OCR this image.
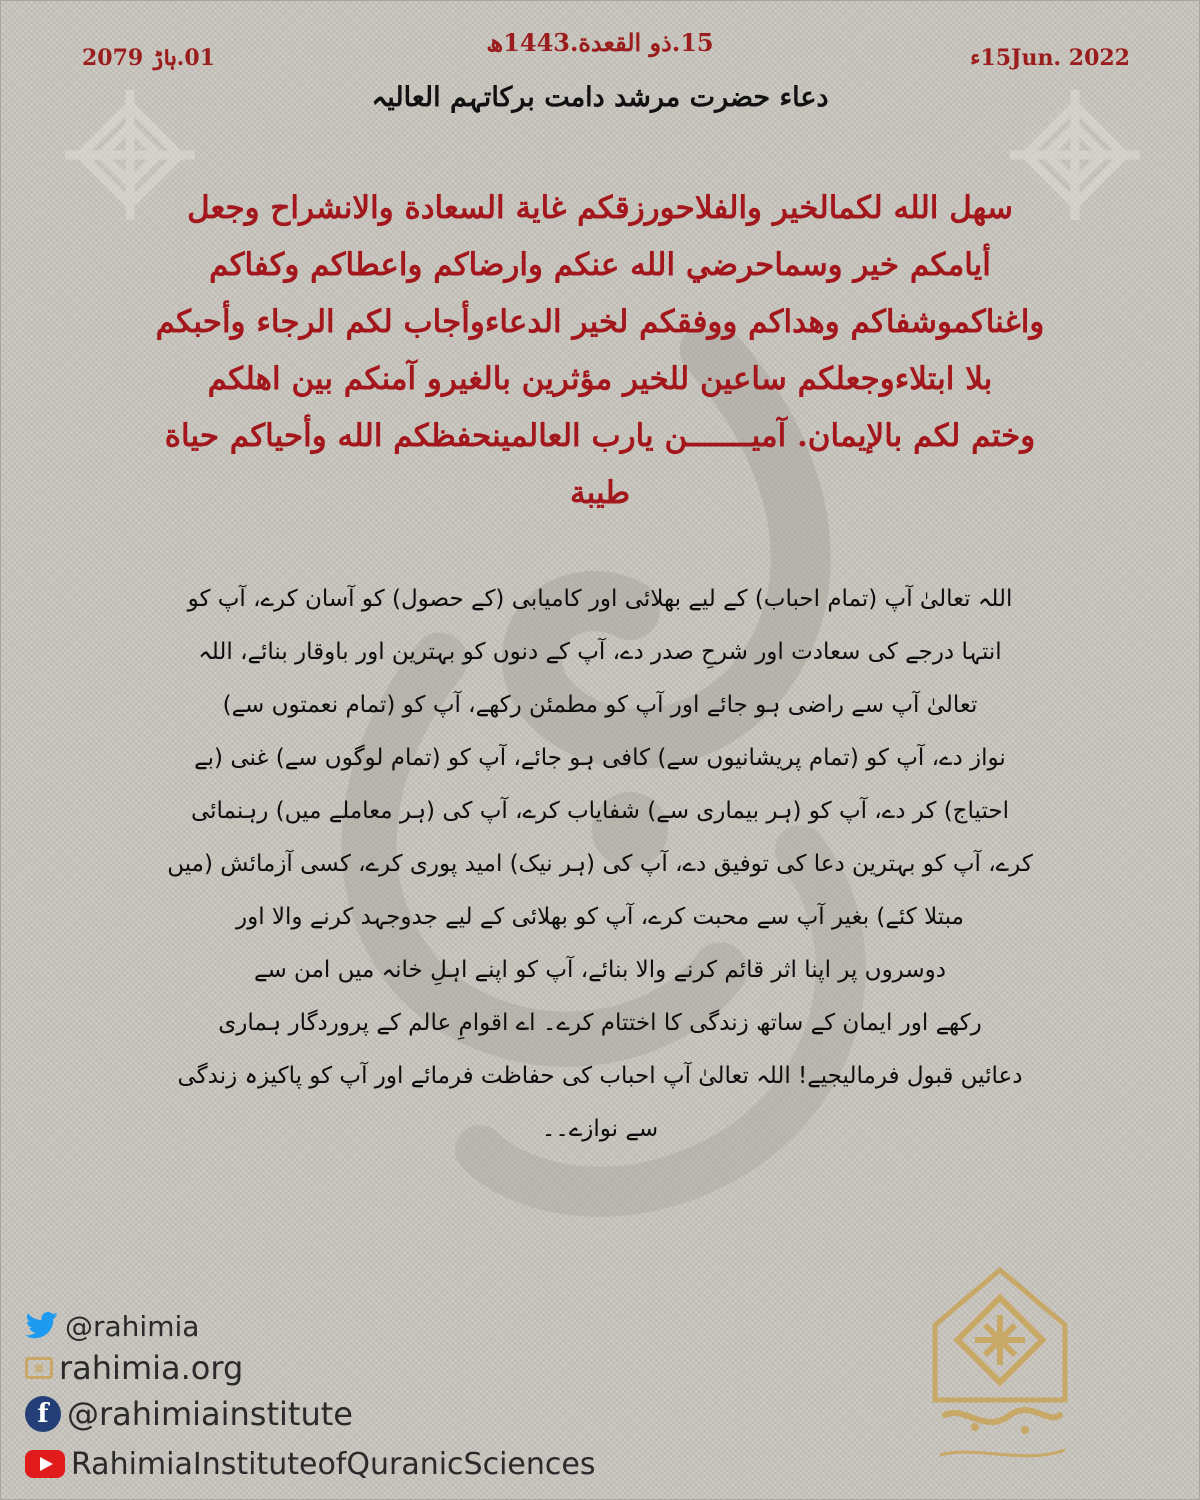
15.ذو القعدة.1443ھ
01.ہاڑ 2079	15Jun. 2022ء
دعاء حضرت مرشد دامت برکاتہم العالیہ
سهل الله لكمالخير والفلاحورزقكم غاية السعادة والانشراح وجعل
أيامكم خير وسماحرضي الله عنكم وارضاكم واعطاكم وكفاكم
واغناكموشفاكم وهداكم ووفقكم لخير الدعاءوأجاب لكم الرجاء وأحبكم
بلا ابتلاءوجعلكم ساعين للخير مؤثرين بالغيرو آمنكم بين اهلكم
وختم لكم بالإيمان. آميـــــــن يارب العالمينحفظكم الله وأحياكم حياة
طيبة
اللہ تعالیٰ آپ (تمام احباب) کے لیے بھلائی اور کامیابی (کے حصول) کو آسان کرے، آپ کو
انتہا درجے کی سعادت اور شرحِ صدر دے، آپ کے دنوں کو بہترین اور باوقار بنائے، اللہ
تعالیٰ آپ سے راضی ہو جائے اور آپ کو مطمئن رکھے، آپ کو (تمام نعمتوں سے)
نواز دے، آپ کو (تمام پریشانیوں سے) کافی ہو جائے، آپ کو (تمام لوگوں سے) غنی (بے
احتیاج) کر دے، آپ کو (ہر بیماری سے) شفایاب کرے، آپ کی (ہر معاملے میں) رہنمائی
کرے، آپ کو بہترین دعا کی توفیق دے، آپ کی (ہر نیک) امید پوری کرے، کسی آزمائش (میں
مبتلا کئے) بغیر آپ سے محبت کرے، آپ کو بھلائی کے لیے جدوجہد کرنے والا اور
دوسروں پر اپنا اثر قائم کرنے والا بنائے، آپ کو اپنے اہلِ خانہ میں امن سے
رکھے اور ایمان کے ساتھ زندگی کا اختتام کرے۔ اے اقوامِ عالم کے پروردگار ہماری
دعائیں قبول فرمالیجیے! اللہ تعالیٰ آپ احباب کی حفاظت فرمائے اور آپ کو پاکیزہ زندگی
سے نوازے۔۔
@rahimia
▦ rahimia.org
f @rahimiainstitute
RahimiaInstituteofQuranicSciences
